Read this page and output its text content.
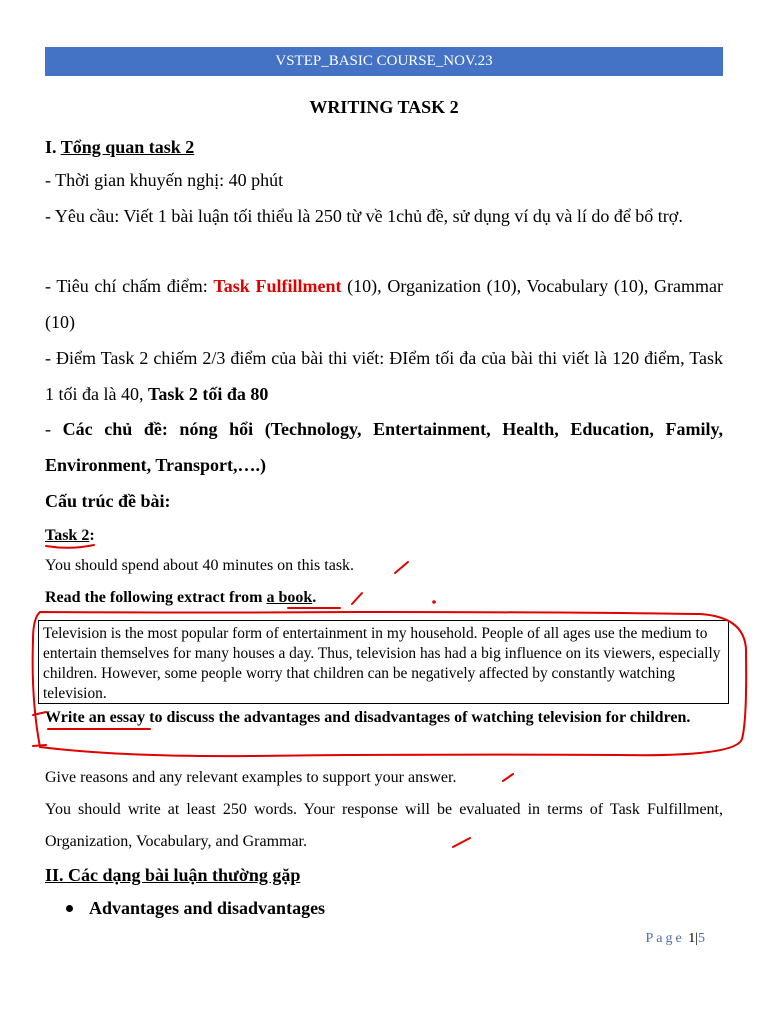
VSTEP_BASIC COURSE_NOV.23
WRITING TASK 2
I. Tổng quan task 2
- Thời gian khuyến nghị: 40 phút
- Yêu cầu: Viết 1 bài luận tối thiểu là 250 từ về 1chủ đề, sử dụng ví dụ và lí do để bổ trợ.
- Tiêu chí chấm điểm: Task Fulfillment (10), Organization (10), Vocabulary (10), Grammar (10)
- Điểm Task 2 chiếm 2/3 điểm của bài thi viết: ĐIểm tối đa của bài thi viết là 120 điểm, Task 1 tối đa là 40, Task 2 tối đa 80
- Các chủ đề: nóng hổi (Technology, Entertainment, Health, Education, Family, Environment, Transport,….)
Cấu trúc đề bài:
Task 2:
You should spend about 40 minutes on this task.
Read the following extract from a book.
Television is the most popular form of entertainment in my household. People of all ages use the medium to entertain themselves for many houses a day. Thus, television has had a big influence on its viewers, especially children. However, some people worry that children can be negatively affected by constantly watching television.
Write an essay to discuss the advantages and disadvantages of watching television for children.
Give reasons and any relevant examples to support your answer.
You should write at least 250 words. Your response will be evaluated in terms of Task Fulfillment, Organization, Vocabulary, and Grammar.
II. Các dạng bài luận thường gặp
Advantages and disadvantages
Page 1|5
